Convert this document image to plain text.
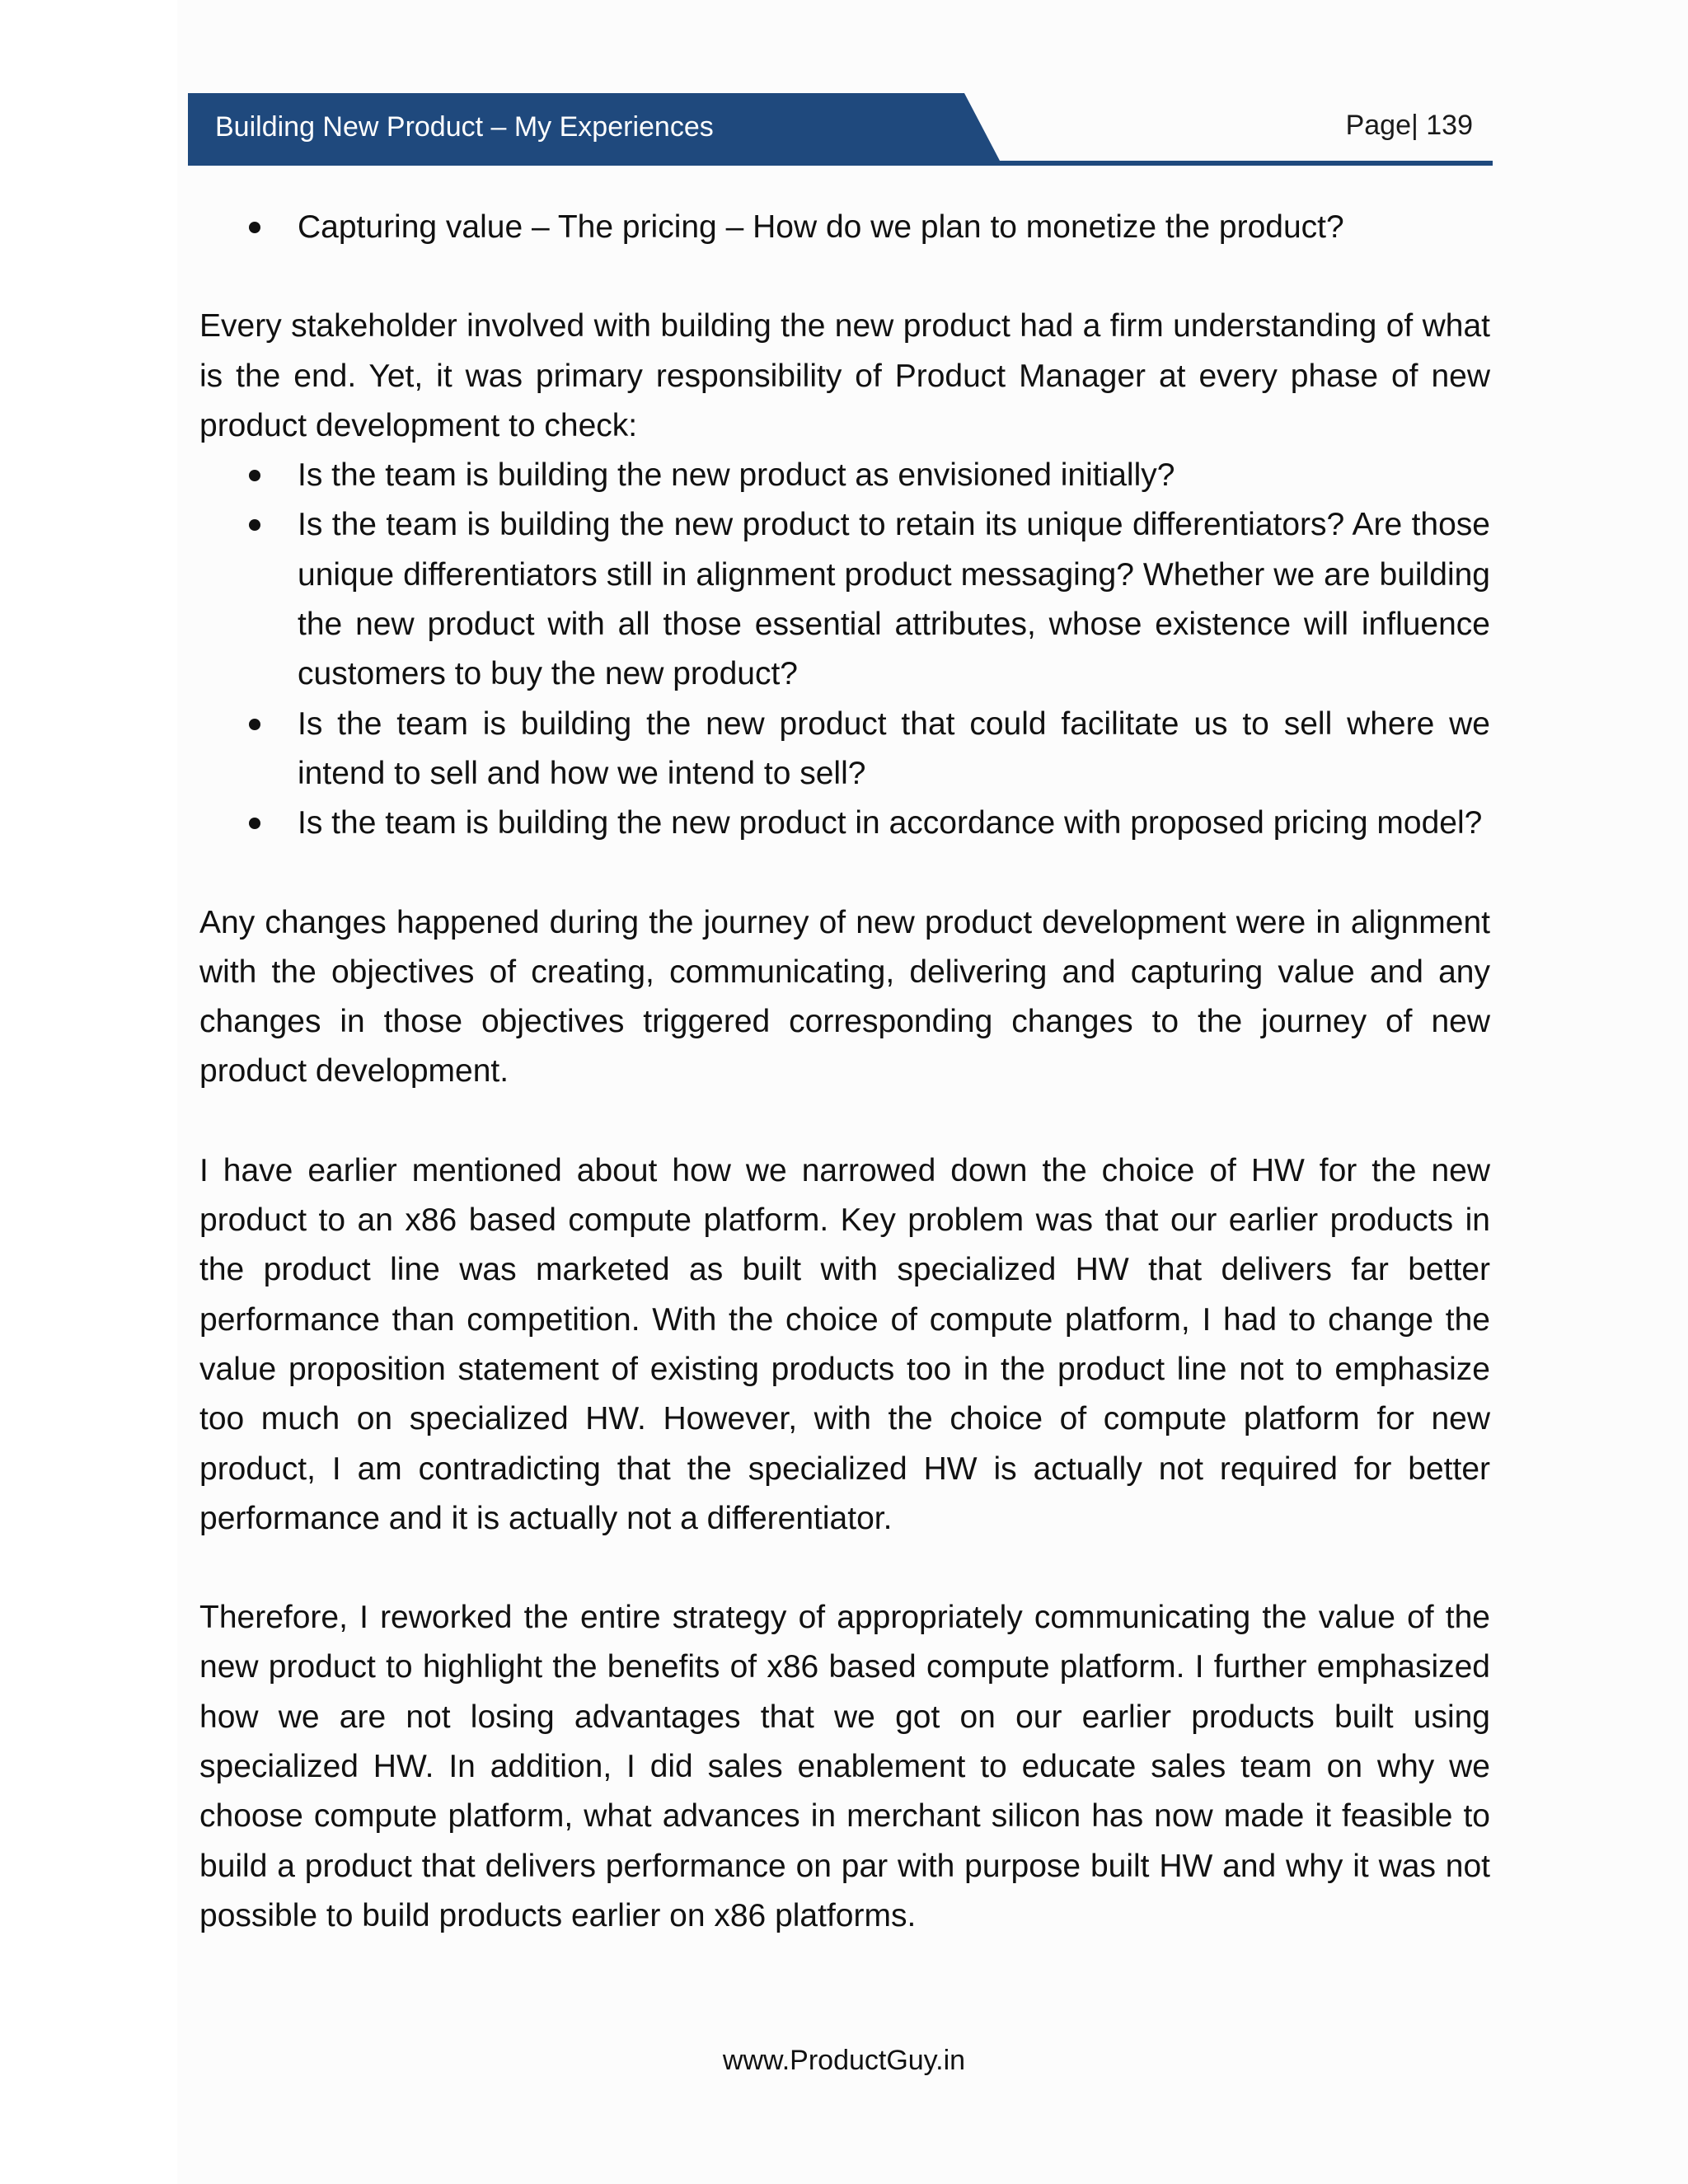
Building New Product – My Experiences	Page| 139
Capturing value – The pricing – How do we plan to monetize the product?

Every stakeholder involved with building the new product had a firm understanding of what is the end. Yet, it was primary responsibility of Product Manager at every phase of new product development to check:

Is the team is building the new product as envisioned initially?
Is the team is building the new product to retain its unique differentiators? Are those unique differentiators still in alignment product messaging? Whether we are building the new product with all those essential attributes, whose existence will influence customers to buy the new product?
Is the team is building the new product that could facilitate us to sell where we intend to sell and how we intend to sell?
Is the team is building the new product in accordance with proposed pricing model?

Any changes happened during the journey of new product development were in alignment with the objectives of creating, communicating, delivering and capturing value and any changes in those objectives triggered corresponding changes to the journey of new product development.

I have earlier mentioned about how we narrowed down the choice of HW for the new product to an x86 based compute platform. Key problem was that our earlier products in the product line was marketed as built with specialized HW that delivers far better performance than competition. With the choice of compute platform, I had to change the value proposition statement of existing products too in the product line not to emphasize too much on specialized HW. However, with the choice of compute platform for new product, I am contradicting that the specialized HW is actually not required for better performance and it is actually not a differentiator.

Therefore, I reworked the entire strategy of appropriately communicating the value of the new product to highlight the benefits of x86 based compute platform. I further emphasized how we are not losing advantages that we got on our earlier products built using specialized HW. In addition, I did sales enablement to educate sales team on why we choose compute platform, what advances in merchant silicon has now made it feasible to build a product that delivers performance on par with purpose built HW and why it was not possible to build products earlier on x86 platforms.

www.ProductGuy.in
